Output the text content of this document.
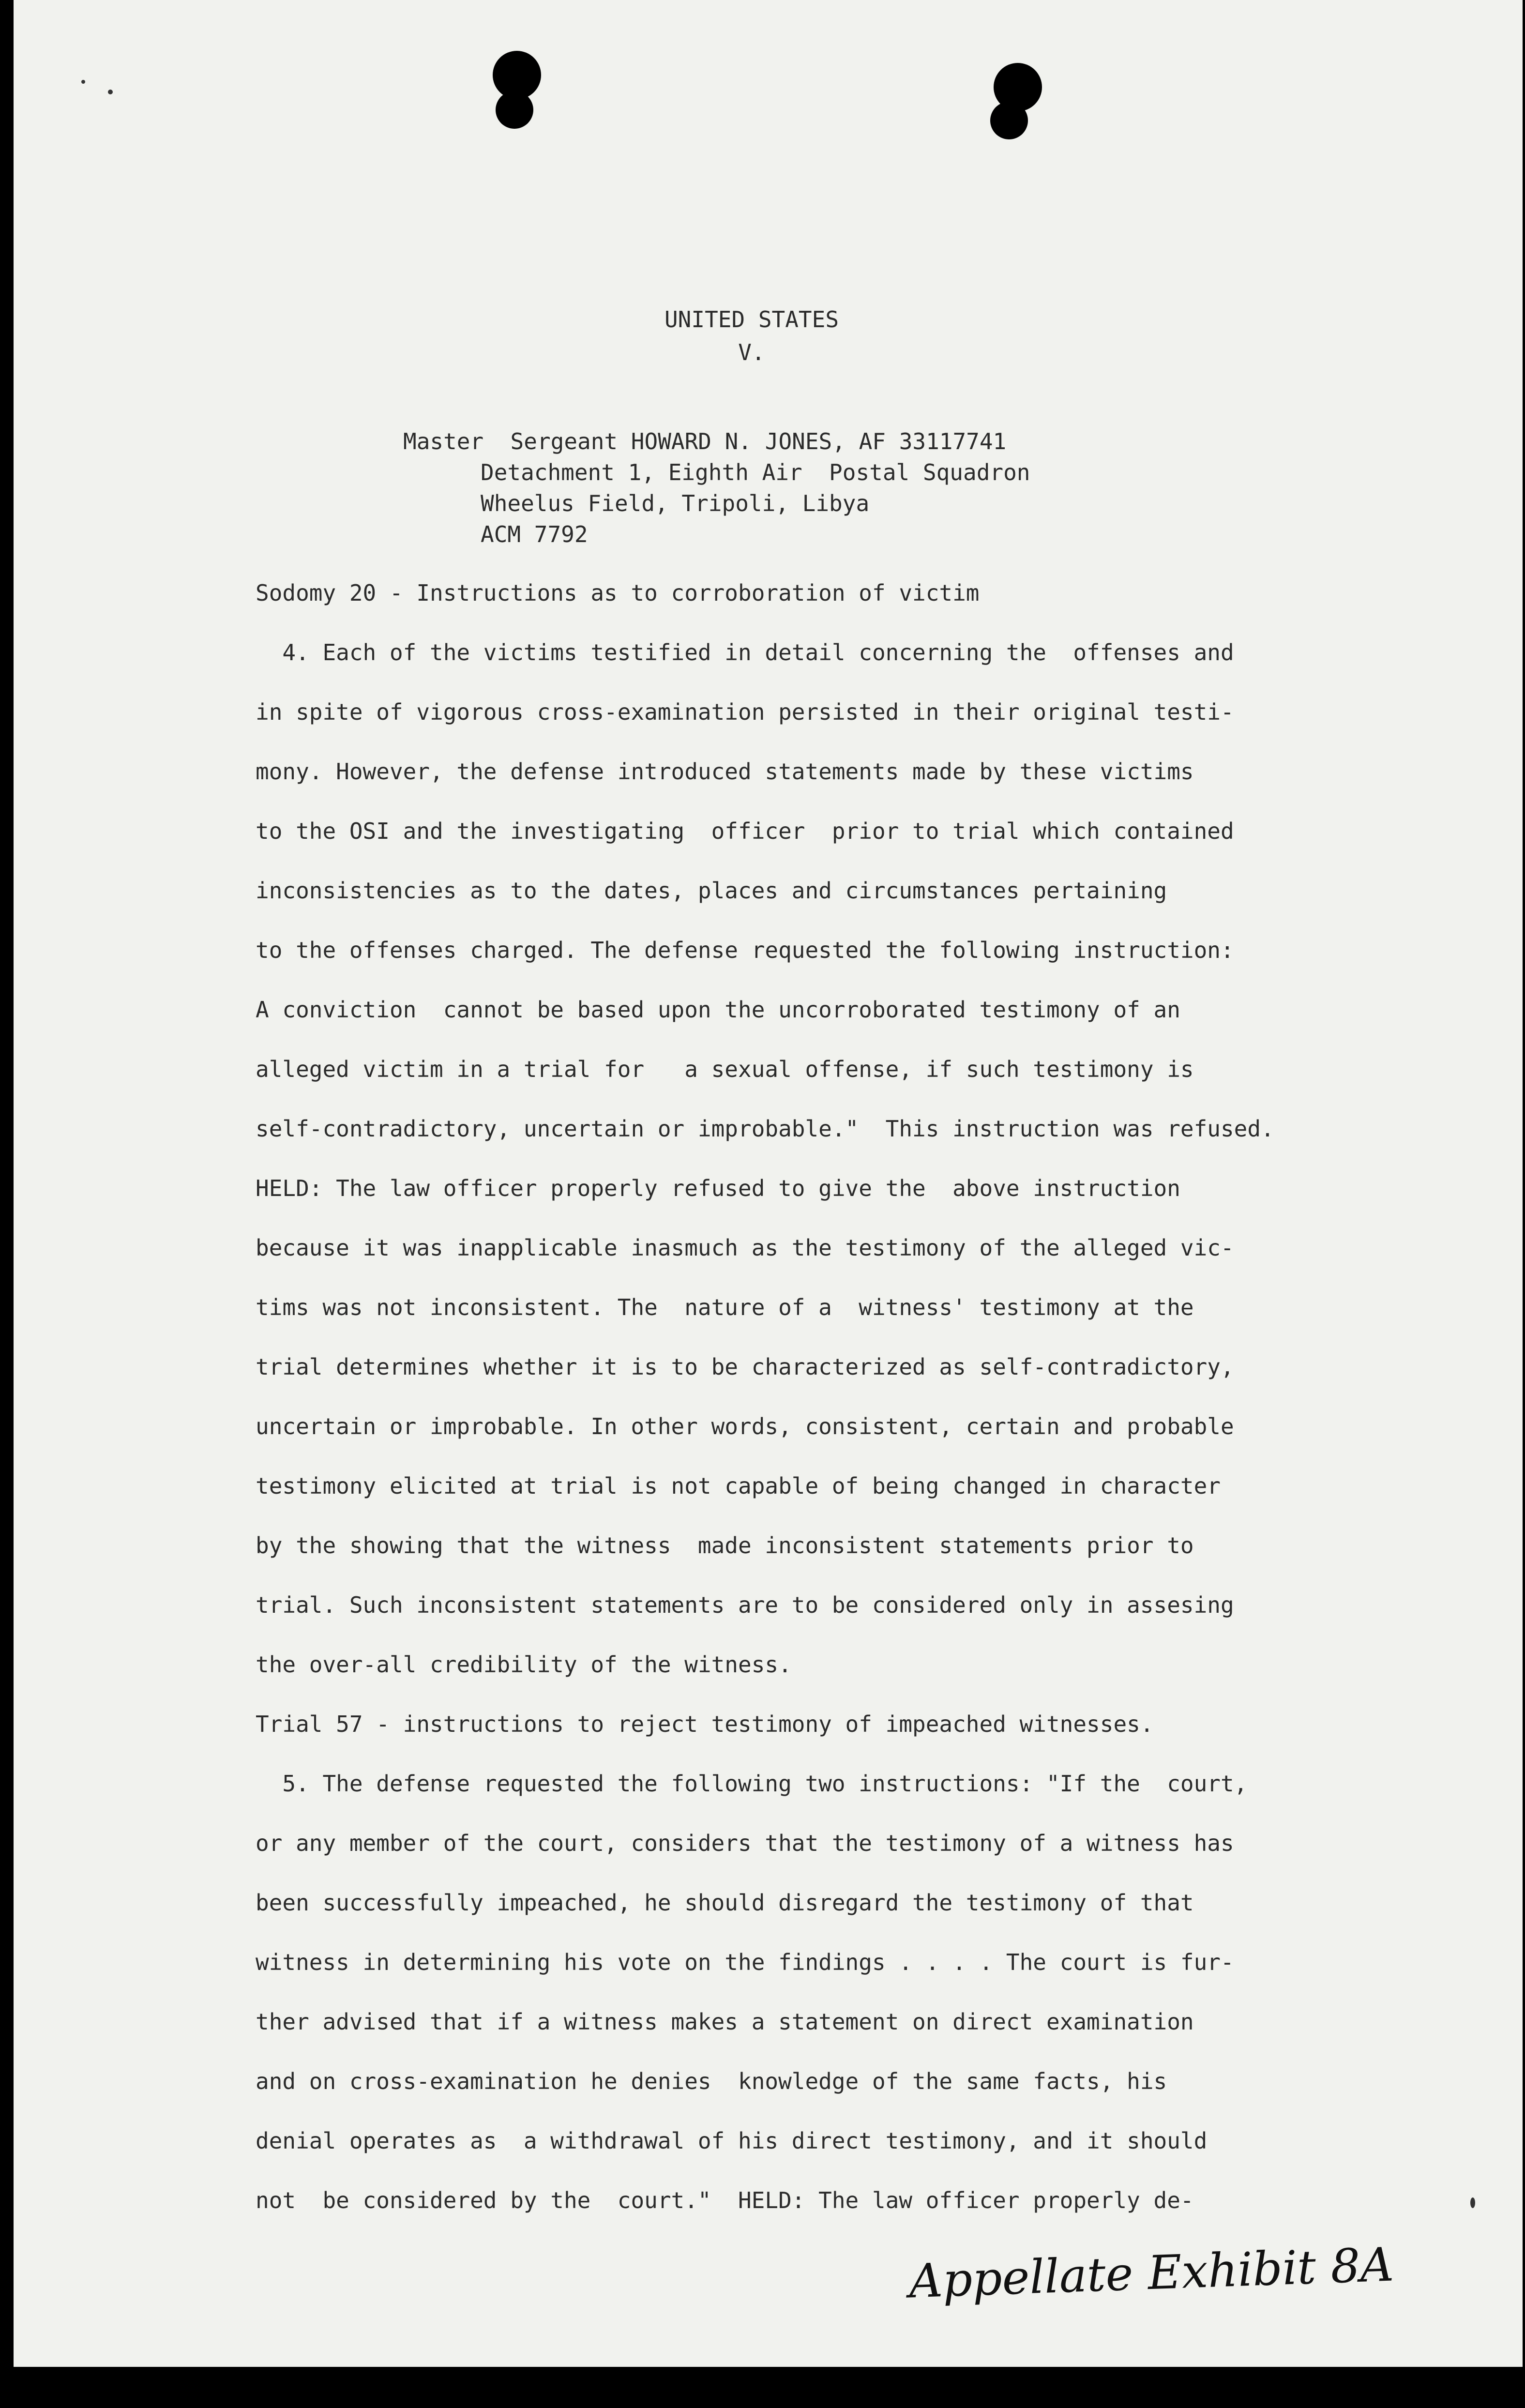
UNITED STATES
V.
Master  Sergeant HOWARD N. JONES, AF 33117741
Detachment 1, Eighth Air  Postal Squadron
Wheelus Field, Tripoli, Libya
ACM 7792
Sodomy 20 - Instructions as to corroboration of victim
4. Each of the victims testified in detail concerning the  offenses and
in spite of vigorous cross-examination persisted in their original testi-
mony. However, the defense introduced statements made by these victims
to the OSI and the investigating  officer  prior to trial which contained
inconsistencies as to the dates, places and circumstances pertaining
to the offenses charged. The defense requested the following instruction:
A conviction  cannot be based upon the uncorroborated testimony of an
alleged victim in a trial for   a sexual offense, if such testimony is
self-contradictory, uncertain or improbable."  This instruction was refused.
HELD: The law officer properly refused to give the  above instruction
because it was inapplicable inasmuch as the testimony of the alleged vic-
tims was not inconsistent. The  nature of a  witness' testimony at the
trial determines whether it is to be characterized as self-contradictory,
uncertain or improbable. In other words, consistent, certain and probable
testimony elicited at trial is not capable of being changed in character
by the showing that the witness  made inconsistent statements prior to
trial. Such inconsistent statements are to be considered only in assesing
the over-all credibility of the witness.
Trial 57 - instructions to reject testimony of impeached witnesses.
5. The defense requested the following two instructions: "If the  court,
or any member of the court, considers that the testimony of a witness has
been successfully impeached, he should disregard the testimony of that
witness in determining his vote on the findings . . . . The court is fur-
ther advised that if a witness makes a statement on direct examination
and on cross-examination he denies  knowledge of the same facts, his
denial operates as  a withdrawal of his direct testimony, and it should
not  be considered by the  court."  HELD: The law officer properly de-
Appellate Exhibit 8A
